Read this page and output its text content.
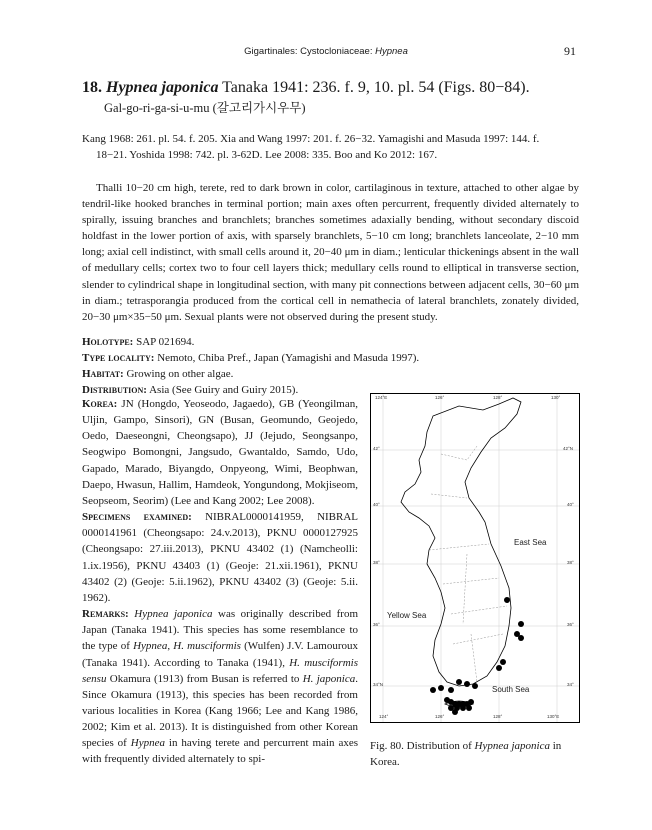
Gigartinales: Cystocloniaceae: Hypnea	91
18. Hypnea japonica Tanaka 1941: 236. f. 9, 10. pl. 54 (Figs. 80−84).
Gal-go-ri-ga-si-u-mu (갈고리가시우무)
Kang 1968: 261. pl. 54. f. 205. Xia and Wang 1997: 201. f. 26−32. Yamagishi and Masuda 1997: 144. f.
18−21. Yoshida 1998: 742. pl. 3-62D. Lee 2008: 335. Boo and Ko 2012: 167.
Thalli 10−20 cm high, terete, red to dark brown in color, cartilaginous in texture, attached to other algae by tendril-like hooked branches in terminal portion; main axes often percurrent, frequently divided alternately to spirally, issuing branches and branchlets; branches sometimes adaxially bending, without secondary discoid holdfast in the lower portion of axis, with sparsely branchlets, 5−10 cm long; branchlets lanceolate, 2−10 mm long; axial cell indistinct, with small cells around it, 20−40 μm in diam.; lenticular thickenings absent in the wall of medullary cells; cortex two to four cell layers thick; medullary cells round to elliptical in transverse section, slender to cylindrical shape in longitudinal section, with many pit connections between adjacent cells, 30−60 μm in diam.; tetrasporangia produced from the cortical cell in nemathecia of lateral branchlets, zonately divided, 20−30 μm×35−50 μm. Sexual plants were not observed during the present study.
Holotype: SAP 021694.
Type locality: Nemoto, Chiba Pref., Japan (Yamagishi and Masuda 1997).
Habitat: Growing on other algae.
Distribution: Asia (See Guiry and Guiry 2015).

Korea: JN (Hongdo, Yeoseodo, Jagaedo), GB (Yeongilman, Uljin, Gampo, Sinsori), GN (Busan, Geomundo, Geojedo, Oedo, Daeseongni, Cheongsapo), JJ (Jejudo, Seongsanpo, Seogwipo Bomongni, Jangsudo, Gwantaldo, Samdo, Udo, Gapado, Marado, Biyangdo, Onpyeong, Wimi, Beophwan, Daepo, Hwasun, Hallim, Hamdeok, Yongundong, Mokjiseom, Seopseom, Seorim) (Lee and Kang 2002; Lee 2008).

Specimens examined: NIBRAL0000141959, NIBRAL 0000141961 (Cheongsapo: 24.v.2013), PKNU 0000127925 (Cheongsapo: 27.iii.2013), PKNU 43402 (1) (Namcheolli: 1.ix.1956), PKNU 43403 (1) (Geoje: 21.xii.1961), PKNU 43402 (2) (Geoje: 5.ii.1962), PKNU 43402 (3) (Geoje: 5.ii. 1962).

Remarks: Hypnea japonica was originally described from Japan (Tanaka 1941). This species has some resemblance to the type of Hypnea, H. musciformis (Wulfen) J.V. Lamouroux (Tanaka 1941). According to Tanaka (1941), H. musciformis sensu Okamura (1913) from Busan is referred to H. japonica. Since Okamura (1913), this species has been recorded from various localities in Korea (Kang 1966; Lee and Kang 1986, 2002; Kim et al. 2013). It is distinguished from other Korean species of Hypnea in having terete and percurrent main axes with frequently divided alternately to spi-

East Sea
Yellow Sea
South Sea
124°E	126°	128°	130°
124°	126°	128°	130°E
42°
40°
38°
36°
34°N
42°N
40°
38°
36°
34°
Fig. 80. Distribution of Hypnea japonica in Korea.
